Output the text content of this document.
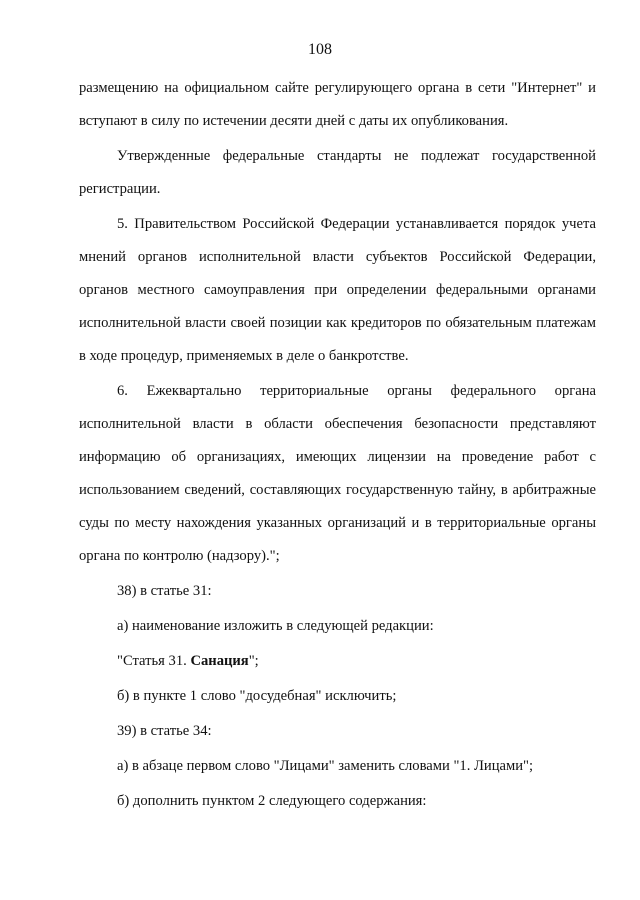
108

размещению на официальном сайте регулирующего органа в сети "Интернет" и вступают в силу по истечении десяти дней с даты их опубликования.

Утвержденные федеральные стандарты не подлежат государственной регистрации.

5. Правительством Российской Федерации устанавливается порядок учета мнений органов исполнительной власти субъектов Российской Федерации, органов местного самоуправления при определении федеральными органами исполнительной власти своей позиции как кредиторов по обязательным платежам в ходе процедур, применяемых в деле о банкротстве.

6. Ежеквартально территориальные органы федерального органа исполнительной власти в области обеспечения безопасности представляют информацию об организациях, имеющих лицензии на проведение работ с использованием сведений, составляющих государственную тайну, в арбитражные суды по месту нахождения указанных организаций и в территориальные органы органа по контролю (надзору).";

38) в статье 31:

а) наименование изложить в следующей редакции:

"Статья 31. Санация";

б) в пункте 1 слово "досудебная" исключить;

39) в статье 34:

а) в абзаце первом слово "Лицами" заменить словами "1. Лицами";

б) дополнить пунктом 2 следующего содержания:
